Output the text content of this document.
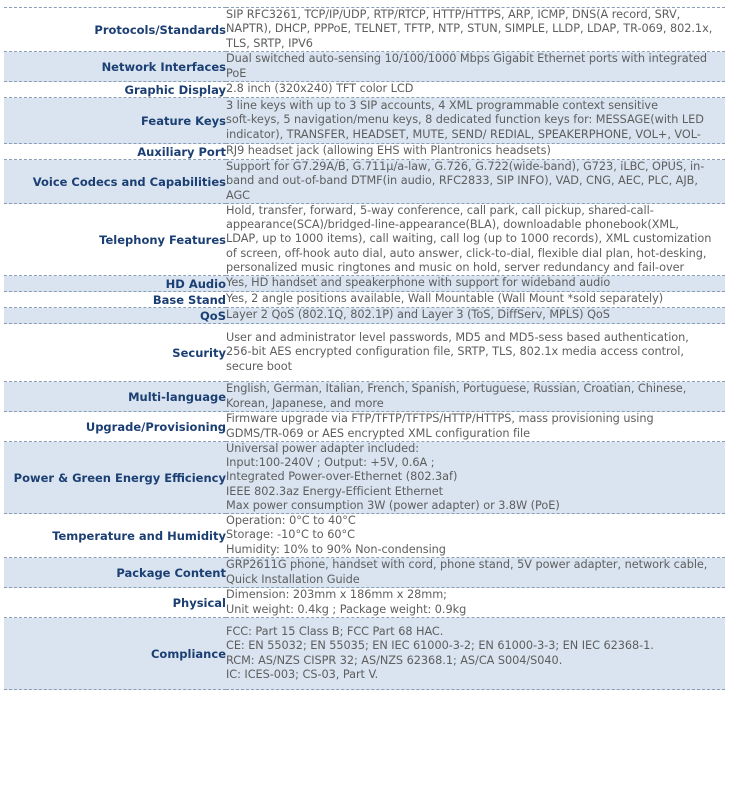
Protocols/Standards	SIP RFC3261, TCP/IP/UDP, RTP/RTCP, HTTP/HTTPS, ARP, ICMP, DNS(A record, SRV,
NAPTR), DHCP, PPPoE, TELNET, TFTP, NTP, STUN, SIMPLE, LLDP, LDAP, TR-069, 802.1x,
TLS, SRTP, IPV6

Network Interfaces	Dual switched auto-sensing 10/100/1000 Mbps Gigabit Ethernet ports with integrated
PoE

Graphic Display	2.8 inch (320x240) TFT color LCD

Feature Keys	3 line keys with up to 3 SIP accounts, 4 XML programmable context sensitive
soft-keys, 5 navigation/menu keys, 8 dedicated function keys for: MESSAGE(with LED
indicator), TRANSFER, HEADSET, MUTE, SEND/ REDIAL, SPEAKERPHONE, VOL+, VOL-

Auxiliary Port	RJ9 headset jack (allowing EHS with Plantronics headsets)

Voice Codecs and Capabilities	Support for G7.29A/B, G.711µ/a-law, G.726, G.722(wide-band), G723, iLBC, OPUS, in-
band and out-of-band DTMF(in audio, RFC2833, SIP INFO), VAD, CNG, AEC, PLC, AJB,
AGC

Telephony Features	Hold, transfer, forward, 5-way conference, call park, call pickup, shared-call-
appearance(SCA)/bridged-line-appearance(BLA), downloadable phonebook(XML,
LDAP, up to 1000 items), call waiting, call log (up to 1000 records), XML customization
of screen, off-hook auto dial, auto answer, click-to-dial, flexible dial plan, hot-desking,
personalized music ringtones and music on hold, server redundancy and fail-over

HD Audio	Yes, HD handset and speakerphone with support for wideband audio

Base Stand	Yes, 2 angle positions available, Wall Mountable (Wall Mount *sold separately)

QoS	Layer 2 QoS (802.1Q, 802.1P) and Layer 3 (ToS, DiffServ, MPLS) QoS

Security	User and administrator level passwords, MD5 and MD5-sess based authentication,
256-bit AES encrypted configuration file, SRTP, TLS, 802.1x media access control,
secure boot

Multi-language	English, German, Italian, French, Spanish, Portuguese, Russian, Croatian, Chinese,
Korean, Japanese, and more

Upgrade/Provisioning	Firmware upgrade via FTP/TFTP/TFTPS/HTTP/HTTPS, mass provisioning using
GDMS/TR-069 or AES encrypted XML configuration file

Power & Green Energy Efficiency	Universal power adapter included:
Input:100-240V ; Output: +5V, 0.6A ;
Integrated Power-over-Ethernet (802.3af)
IEEE 802.3az Energy-Efficient Ethernet
Max power consumption 3W (power adapter) or 3.8W (PoE)

Temperature and Humidity	Operation: 0°C to 40°C
Storage: -10°C to 60°C
Humidity: 10% to 90% Non-condensing

Package Content	GRP2611G phone, handset with cord, phone stand, 5V power adapter, network cable,
Quick Installation Guide

Physical	Dimension: 203mm x 186mm x 28mm;
Unit weight: 0.4kg ; Package weight: 0.9kg

Compliance	FCC: Part 15 Class B; FCC Part 68 HAC.
CE: EN 55032; EN 55035; EN IEC 61000-3-2; EN 61000-3-3; EN IEC 62368-1.
RCM: AS/NZS CISPR 32; AS/NZS 62368.1; AS/CA S004/S040.
IC: ICES-003; CS-03, Part V.
